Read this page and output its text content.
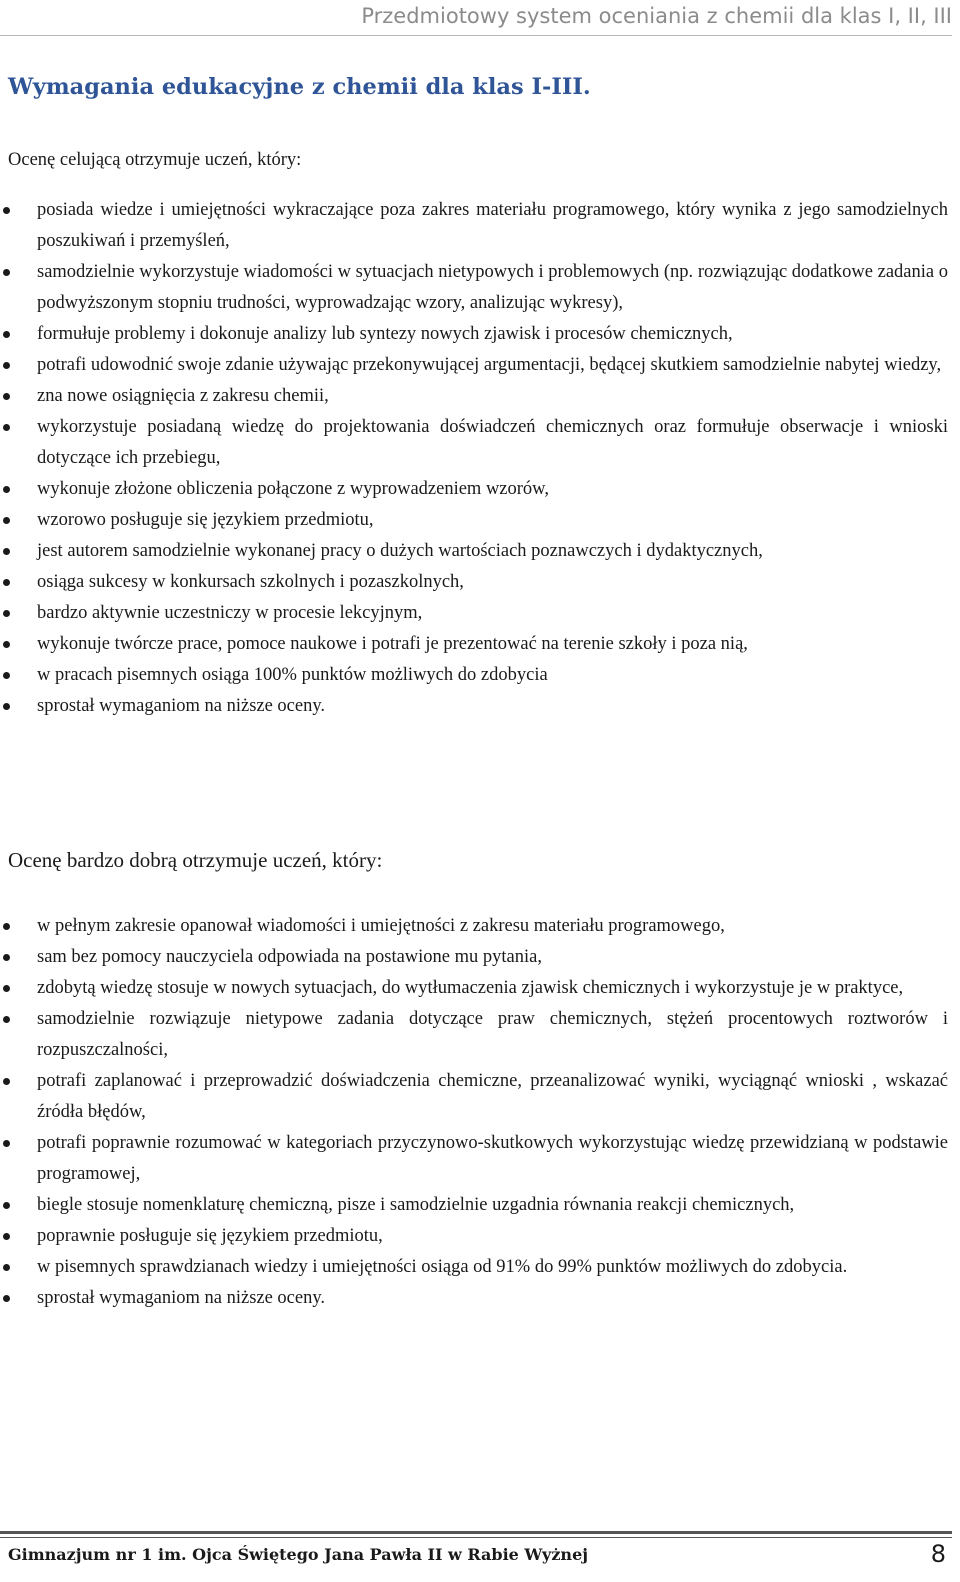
Przedmiotowy system oceniania z chemii dla klas I, II, III
Wymagania edukacyjne z chemii dla klas I-III.
Ocenę celującą otrzymuje uczeń, który:
posiada wiedze i umiejętności wykraczające poza zakres materiału programowego, który wynika z jego samodzielnych poszukiwań i przemyśleń,
samodzielnie wykorzystuje wiadomości w sytuacjach nietypowych i problemowych (np. rozwiązując dodatkowe zadania o podwyższonym stopniu trudności, wyprowadzając wzory, analizując wykresy),
formułuje problemy i dokonuje analizy lub syntezy nowych zjawisk i procesów chemicznych,
potrafi udowodnić swoje zdanie używając przekonywującej argumentacji, będącej skutkiem samodzielnie nabytej wiedzy,
zna nowe osiągnięcia z zakresu chemii,
wykorzystuje posiadaną wiedzę do projektowania doświadczeń chemicznych oraz formułuje obserwacje i wnioski dotyczące ich przebiegu,
wykonuje złożone obliczenia połączone z wyprowadzeniem wzorów,
wzorowo posługuje się językiem przedmiotu,
jest autorem samodzielnie wykonanej pracy o dużych wartościach poznawczych i dydaktycznych,
osiąga sukcesy w konkursach szkolnych i pozaszkolnych,
bardzo aktywnie uczestniczy w procesie lekcyjnym,
wykonuje twórcze prace, pomoce naukowe i potrafi je prezentować na terenie szkoły i poza nią,
w pracach pisemnych osiąga 100% punktów możliwych do zdobycia
sprostał wymaganiom na niższe oceny.
Ocenę bardzo dobrą otrzymuje uczeń, który:
w pełnym zakresie opanował wiadomości i umiejętności z zakresu materiału programowego,
sam bez pomocy nauczyciela odpowiada na postawione mu pytania,
zdobytą wiedzę stosuje w nowych sytuacjach, do wytłumaczenia zjawisk chemicznych i wykorzystuje je w praktyce,
samodzielnie rozwiązuje nietypowe zadania dotyczące praw chemicznych, stężeń procentowych roztworów i rozpuszczalności,
potrafi zaplanować i przeprowadzić doświadczenia chemiczne, przeanalizować wyniki, wyciągnąć wnioski , wskazać źródła błędów,
potrafi poprawnie rozumować w kategoriach przyczynowo-skutkowych wykorzystując wiedzę przewidzianą w podstawie programowej,
biegle stosuje nomenklaturę chemiczną, pisze i samodzielnie uzgadnia równania reakcji chemicznych,
poprawnie posługuje się językiem przedmiotu,
w pisemnych sprawdzianach wiedzy i umiejętności osiąga od 91% do 99% punktów możliwych do zdobycia.
sprostał wymaganiom na niższe oceny.
Gimnazjum nr 1 im. Ojca Świętego Jana Pawła II w Rabie Wyżnej	8
